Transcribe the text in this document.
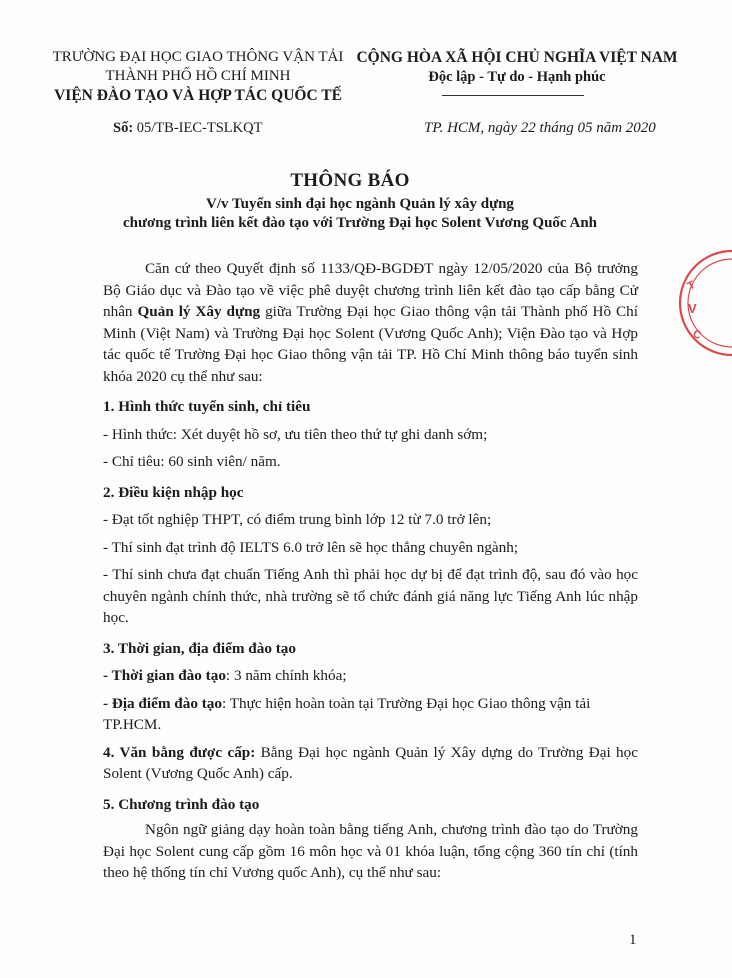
TRƯỜNG ĐẠI HỌC GIAO THÔNG VẬN TẢI
THÀNH PHỐ HỒ CHÍ MINH
VIỆN ĐÀO TẠO VÀ HỢP TÁC QUỐC TẾ
CỘNG HÒA XÃ HỘI CHỦ NGHĨA VIỆT NAM
Độc lập - Tự do - Hạnh phúc
Số: 05/TB-IEC-TSLKQT	TP. HCM, ngày 22 tháng 05 năm 2020
THÔNG BÁO
V/v Tuyển sinh đại học ngành Quản lý xây dựng
chương trình liên kết đào tạo với Trường Đại học Solent Vương Quốc Anh

Căn cứ theo Quyết định số 1133/QĐ-BGDĐT ngày 12/05/2020 của Bộ trưởng Bộ Giáo dục và Đào tạo về việc phê duyệt chương trình liên kết đào tạo cấp bằng Cử nhân Quản lý Xây dựng giữa Trường Đại học Giao thông vận tải Thành phố Hồ Chí Minh (Việt Nam) và Trường Đại học Solent (Vương Quốc Anh); Viện Đào tạo và Hợp tác quốc tế Trường Đại học Giao thông vận tải TP. Hồ Chí Minh thông báo tuyển sinh khóa 2020 cụ thể như sau:

1. Hình thức tuyển sinh, chỉ tiêu

- Hình thức: Xét duyệt hồ sơ, ưu tiên theo thứ tự ghi danh sớm;

- Chỉ tiêu: 60 sinh viên/ năm.

2. Điều kiện nhập học

- Đạt tốt nghiệp THPT, có điểm trung bình lớp 12 từ 7.0 trở lên;

- Thí sinh đạt trình độ IELTS 6.0 trở lên sẽ học thẳng chuyên ngành;

- Thí sinh chưa đạt chuẩn Tiếng Anh thì phải học dự bị để đạt trình độ, sau đó vào học chuyên ngành chính thức, nhà trường sẽ tổ chức đánh giá năng lực Tiếng Anh lúc nhập học.

3. Thời gian, địa điểm đào tạo

- Thời gian đào tạo: 3 năm chính khóa;

- Địa điểm đào tạo: Thực hiện hoàn toàn tại Trường Đại học Giao thông vận tải TP.HCM.

4. Văn bằng được cấp: Bằng Đại học ngành Quản lý Xây dựng do Trường Đại học Solent (Vương Quốc Anh) cấp.

5. Chương trình đào tạo

Ngôn ngữ giảng dạy hoàn toàn bằng tiếng Anh, chương trình đào tạo do Trường Đại học Solent cung cấp gồm 16 môn học và 01 khóa luận, tổng cộng 360 tín chỉ (tính theo hệ thống tín chỉ Vương quốc Anh), cụ thể như sau:

1
T
V
C
